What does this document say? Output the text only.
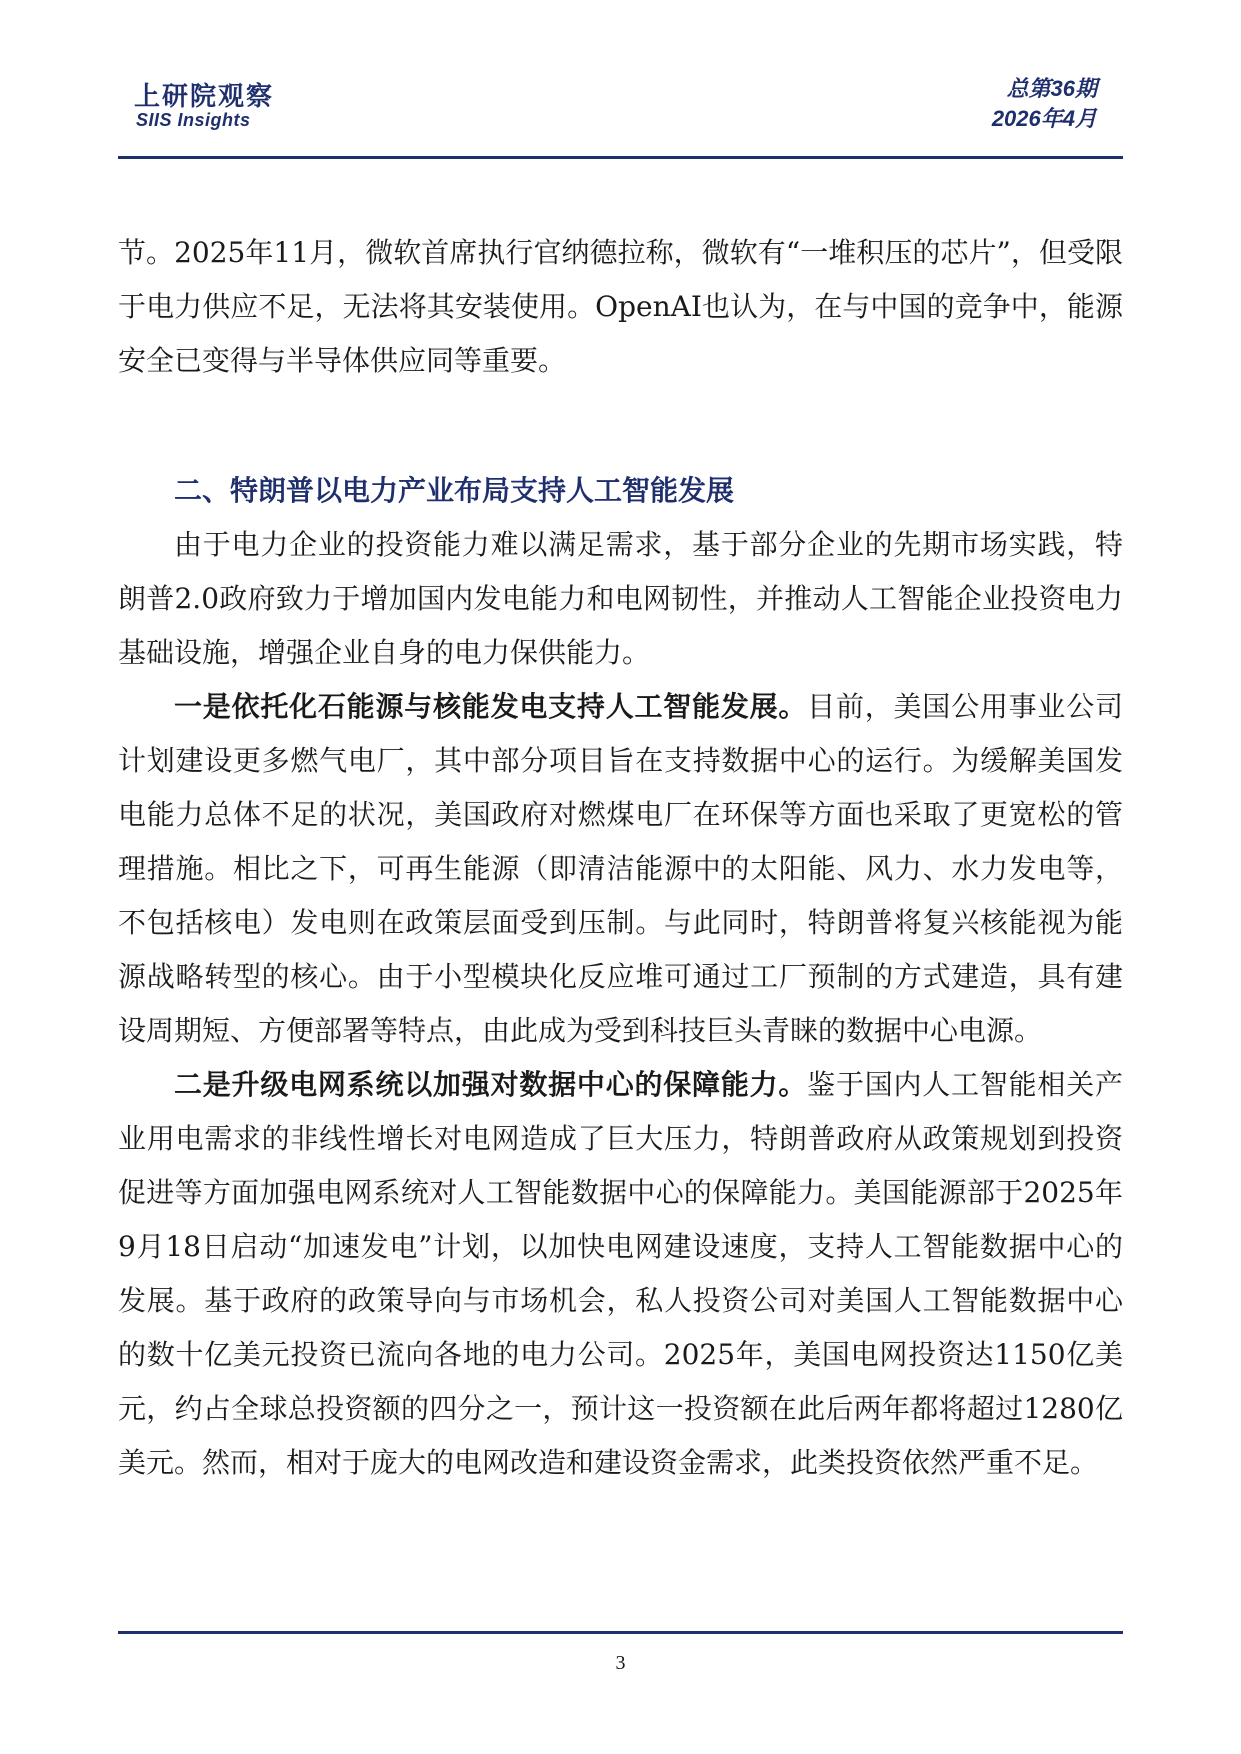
上研院观察
SIIS Insights
总第36期
2026年4月

节。2025年11月，微软首席执行官纳德拉称，微软有“一堆积压的芯片”，但受限于电力供应不足，无法将其安装使用。OpenAI也认为，在与中国的竞争中，能源安全已变得与半导体供应同等重要。

二、特朗普以电力产业布局支持人工智能发展

由于电力企业的投资能力难以满足需求，基于部分企业的先期市场实践，特朗普2.0政府致力于增加国内发电能力和电网韧性，并推动人工智能企业投资电力基础设施，增强企业自身的电力保供能力。

一是依托化石能源与核能发电支持人工智能发展。目前，美国公用事业公司计划建设更多燃气电厂，其中部分项目旨在支持数据中心的运行。为缓解美国发电能力总体不足的状况，美国政府对燃煤电厂在环保等方面也采取了更宽松的管理措施。相比之下，可再生能源（即清洁能源中的太阳能、风力、水力发电等，不包括核电）发电则在政策层面受到压制。与此同时，特朗普将复兴核能视为能源战略转型的核心。由于小型模块化反应堆可通过工厂预制的方式建造，具有建设周期短、方便部署等特点，由此成为受到科技巨头青睐的数据中心电源。

二是升级电网系统以加强对数据中心的保障能力。鉴于国内人工智能相关产业用电需求的非线性增长对电网造成了巨大压力，特朗普政府从政策规划到投资促进等方面加强电网系统对人工智能数据中心的保障能力。美国能源部于2025年9月18日启动“加速发电”计划，以加快电网建设速度，支持人工智能数据中心的发展。基于政府的政策导向与市场机会，私人投资公司对美国人工智能数据中心的数十亿美元投资已流向各地的电力公司。2025年，美国电网投资达1150亿美元，约占全球总投资额的四分之一，预计这一投资额在此后两年都将超过1280亿美元。然而，相对于庞大的电网改造和建设资金需求，此类投资依然严重不足。

3
